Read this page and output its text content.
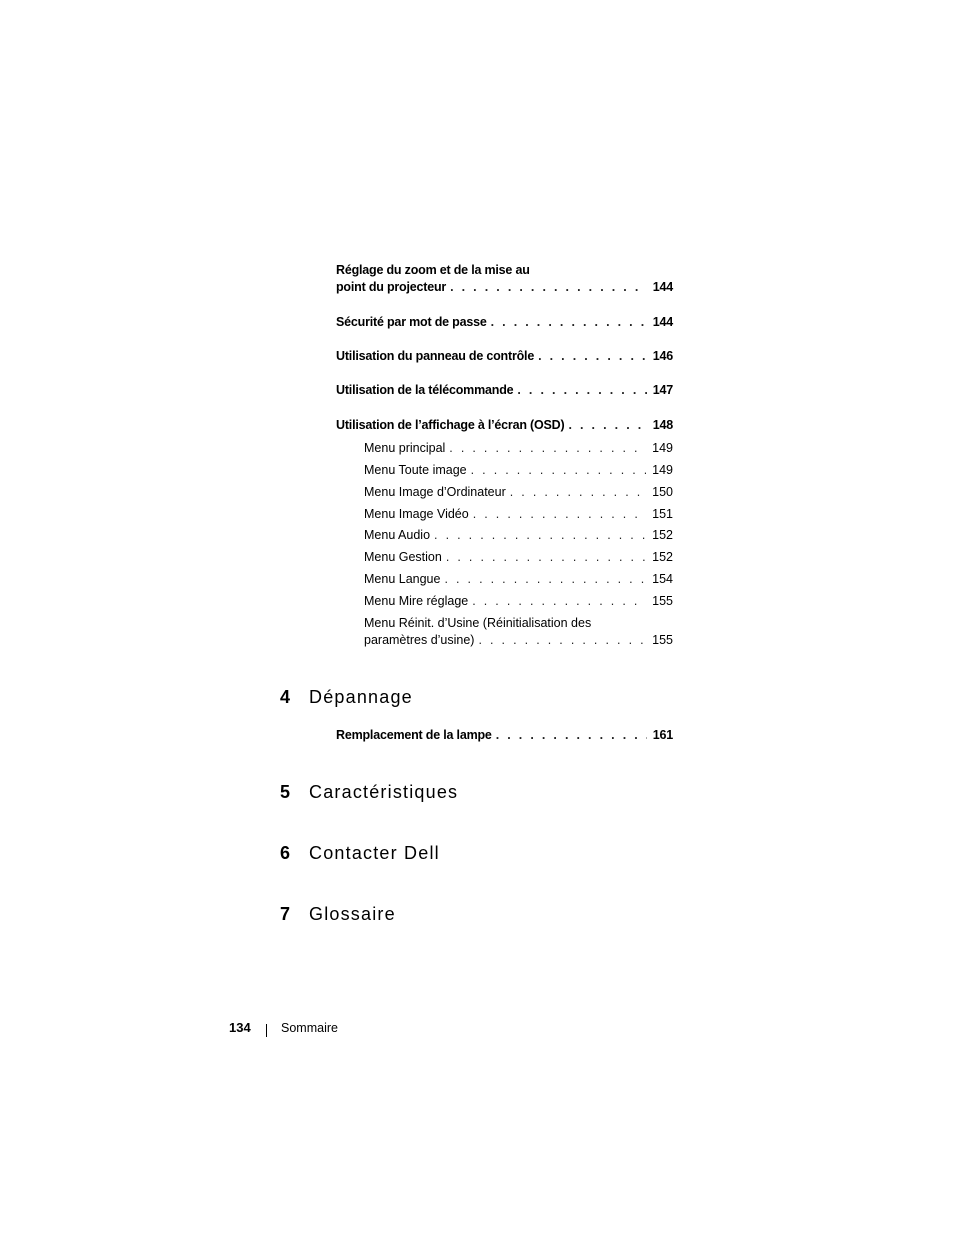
Réglage du zoom et de la mise au
point du projecteur . . .	144
Sécurité par mot de passe . . .	144
Utilisation du panneau de contrôle . . .	146
Utilisation de la télécommande . . .	147
Utilisation de l’affichage à l’écran (OSD) . . .	148
Menu principal . . .	149
Menu Toute image . . .	149
Menu Image d’Ordinateur . . .	150
Menu Image Vidéo . . .	151
Menu Audio . . .	152
Menu Gestion . . .	152
Menu Langue . . .	154
Menu Mire réglage . . .	155
Menu Réinit. d’Usine (Réinitialisation des
paramètres d’usine) . . .	155
4 Dépannage
Remplacement de la lampe . . .	161
5 Caractéristiques
6 Contacter Dell
7 Glossaire
134 Sommaire
